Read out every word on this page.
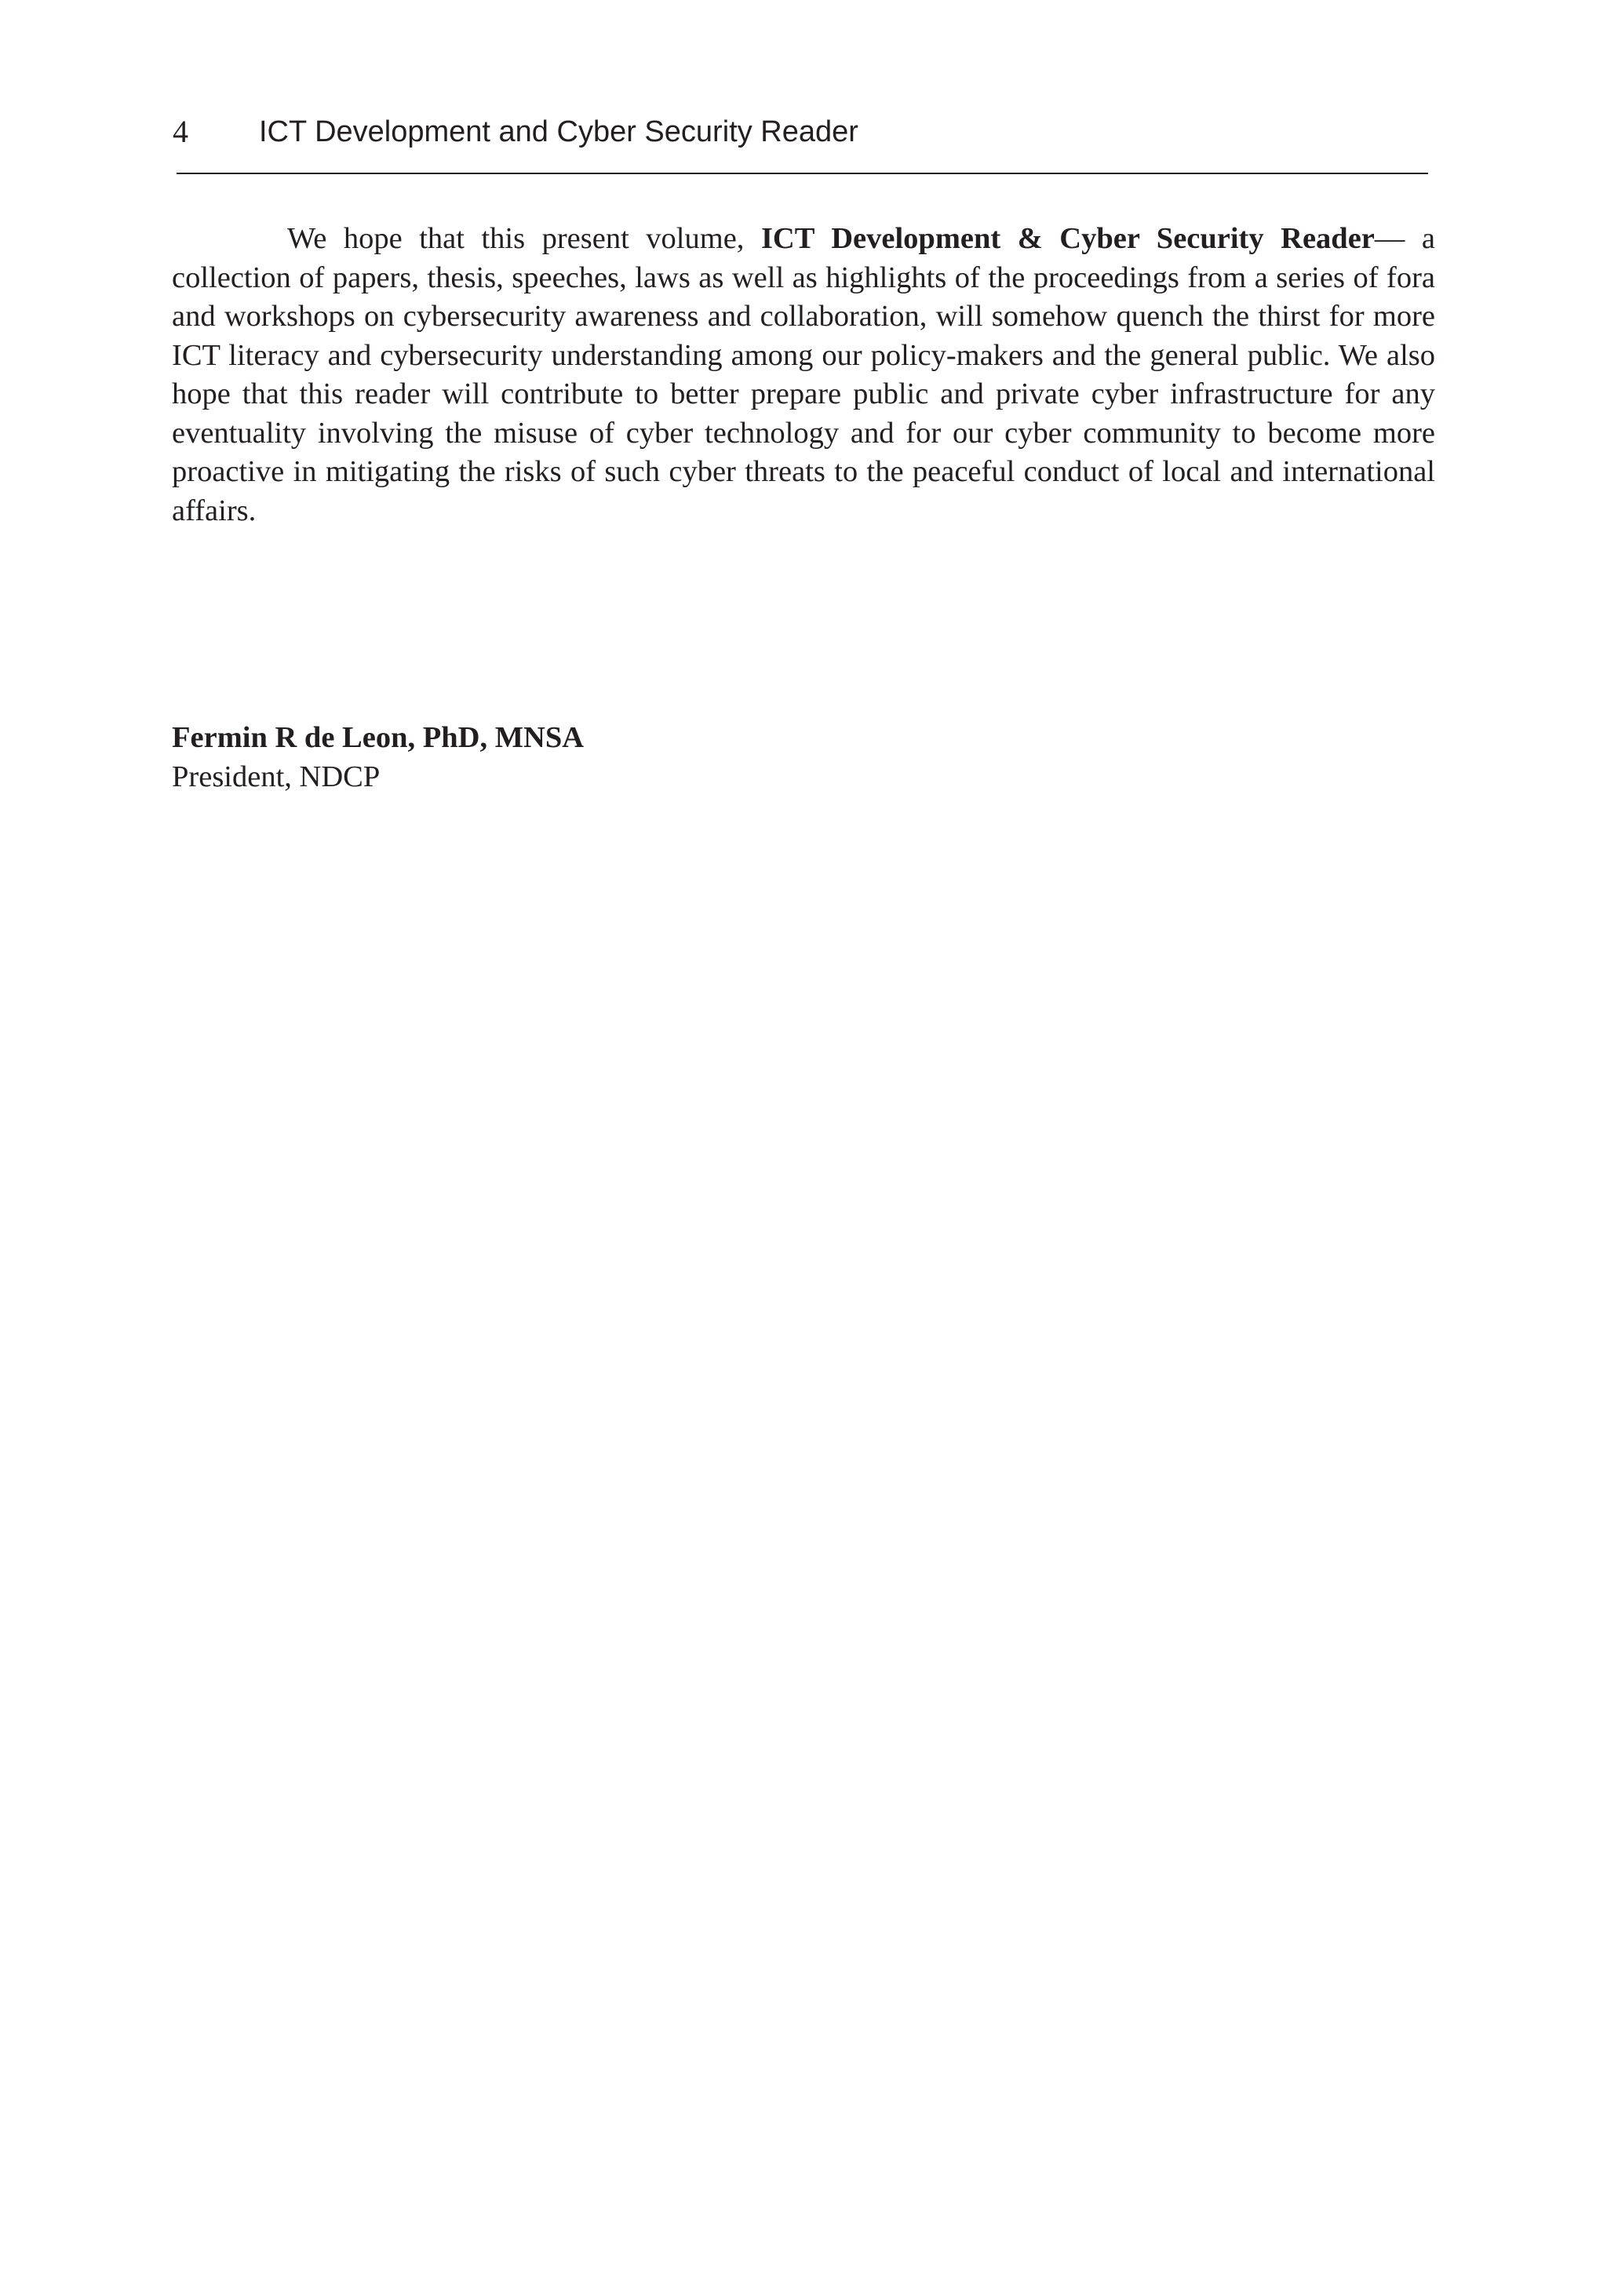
4 ICT Development and Cyber Security Reader

We hope that this present volume, ICT Development & Cyber Security Reader— a collection of papers, thesis, speeches, laws as well as highlights of the proceedings from a series of fora and workshops on cybersecurity awareness and collaboration, will somehow quench the thirst for more ICT literacy and cybersecurity understanding among our policy-makers and the general public. We also hope that this reader will contribute to better prepare public and private cyber infrastructure for any eventuality involving the misuse of cyber technology and for our cyber community to become more proactive in mitigating the risks of such cyber threats to the peaceful conduct of local and international affairs.

Fermin R de Leon, PhD, MNSA
President, NDCP
